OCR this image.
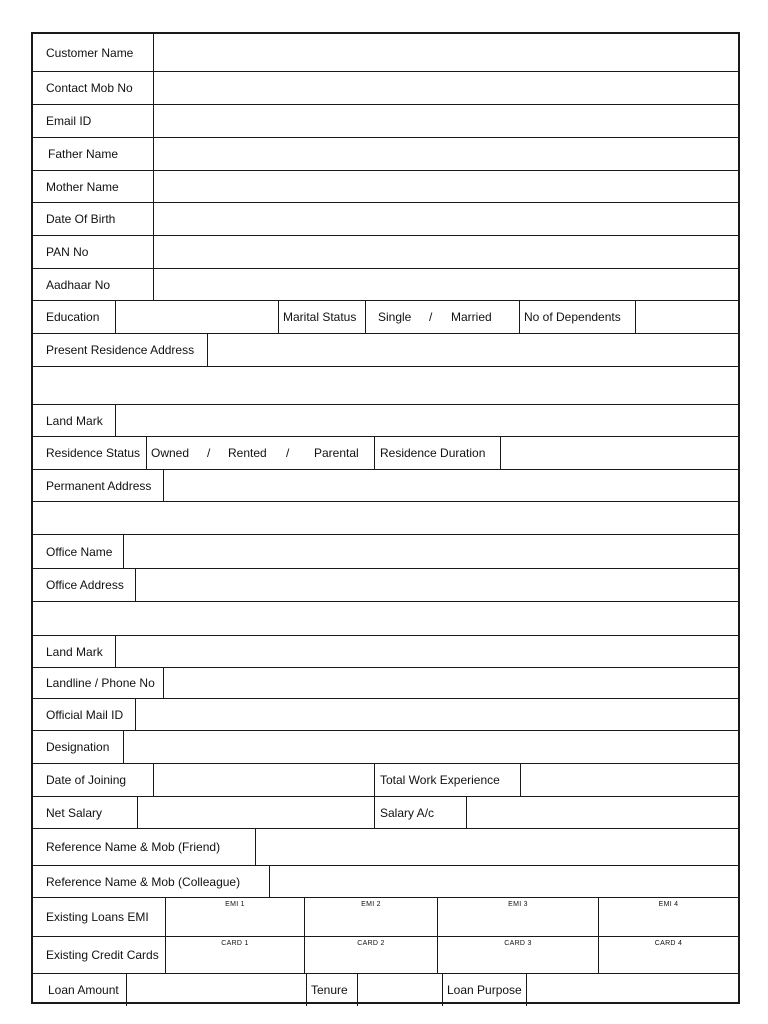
Customer Name
Contact Mob No
Email ID
Father Name
Mother Name
Date Of Birth
PAN No
Aadhaar No
Education	Marital Status	Single / Married	No of Dependents
Present Residence Address
Land Mark
Residence Status Owned / Rented / Parental	Residence Duration
Permanent Address
Office Name
Office Address
Land Mark
Landline / Phone No
Official Mail ID
Designation
Date of Joining	Total Work Experience
Net Salary	Salary A/c
Reference Name & Mob (Friend)
Reference Name & Mob (Colleague)
Existing Loans EMI
EMI 1	EMI 2	EMI 3	EMI 4
Existing Credit Cards
CARD 1	CARD 2	CARD 3	CARD 4
Loan Amount	Tenure	Loan Purpose
